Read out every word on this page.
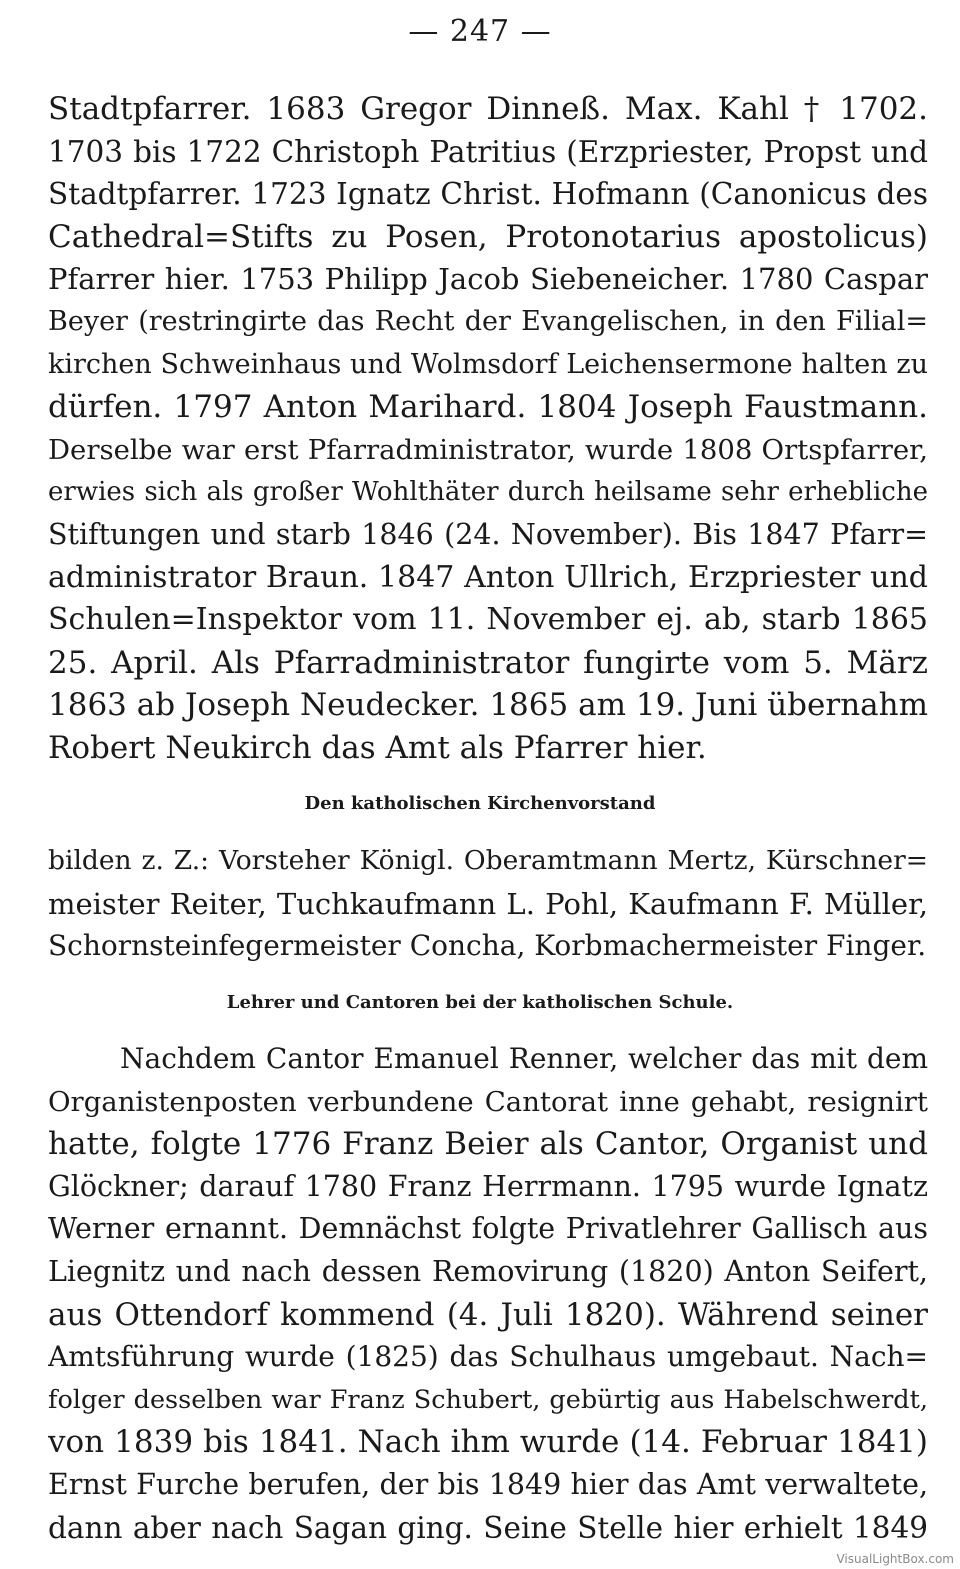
— 247 —
Stadtpfarrer. 1683 Gregor Dinneß. Max. Kahl † 1702.
1703 bis 1722 Christoph Patritius (Erzpriester, Propst und
Stadtpfarrer. 1723 Ignatz Christ. Hofmann (Canonicus des
Cathedral=Stifts zu Posen, Protonotarius apostolicus)
Pfarrer hier. 1753 Philipp Jacob Siebeneicher. 1780 Caspar
Beyer (restringirte das Recht der Evangelischen, in den Filial=
kirchen Schweinhaus und Wolmsdorf Leichensermone halten zu
dürfen. 1797 Anton Marihard. 1804 Joseph Faustmann.
Derselbe war erst Pfarradministrator, wurde 1808 Ortspfarrer,
erwies sich als großer Wohlthäter durch heilsame sehr erhebliche
Stiftungen und starb 1846 (24. November). Bis 1847 Pfarr=
administrator Braun. 1847 Anton Ullrich, Erzpriester und
Schulen=Inspektor vom 11. November ej. ab, starb 1865
25. April. Als Pfarradministrator fungirte vom 5. März
1863 ab Joseph Neudecker. 1865 am 19. Juni übernahm
Robert Neukirch das Amt als Pfarrer hier.
Den katholischen Kirchenvorstand
bilden z. Z.: Vorsteher Königl. Oberamtmann Mertz, Kürschner=
meister Reiter, Tuchkaufmann L. Pohl, Kaufmann F. Müller,
Schornsteinfegermeister Concha, Korbmachermeister Finger.
Lehrer und Cantoren bei der katholischen Schule.
Nachdem Cantor Emanuel Renner, welcher das mit dem
Organistenposten verbundene Cantorat inne gehabt, resignirt
hatte, folgte 1776 Franz Beier als Cantor, Organist und
Glöckner; darauf 1780 Franz Herrmann. 1795 wurde Ignatz
Werner ernannt. Demnächst folgte Privatlehrer Gallisch aus
Liegnitz und nach dessen Removirung (1820) Anton Seifert,
aus Ottendorf kommend (4. Juli 1820). Während seiner
Amtsführung wurde (1825) das Schulhaus umgebaut. Nach=
folger desselben war Franz Schubert, gebürtig aus Habelschwerdt,
von 1839 bis 1841. Nach ihm wurde (14. Februar 1841)
Ernst Furche berufen, der bis 1849 hier das Amt verwaltete,
dann aber nach Sagan ging. Seine Stelle hier erhielt 1849
VisualLightBox.com
